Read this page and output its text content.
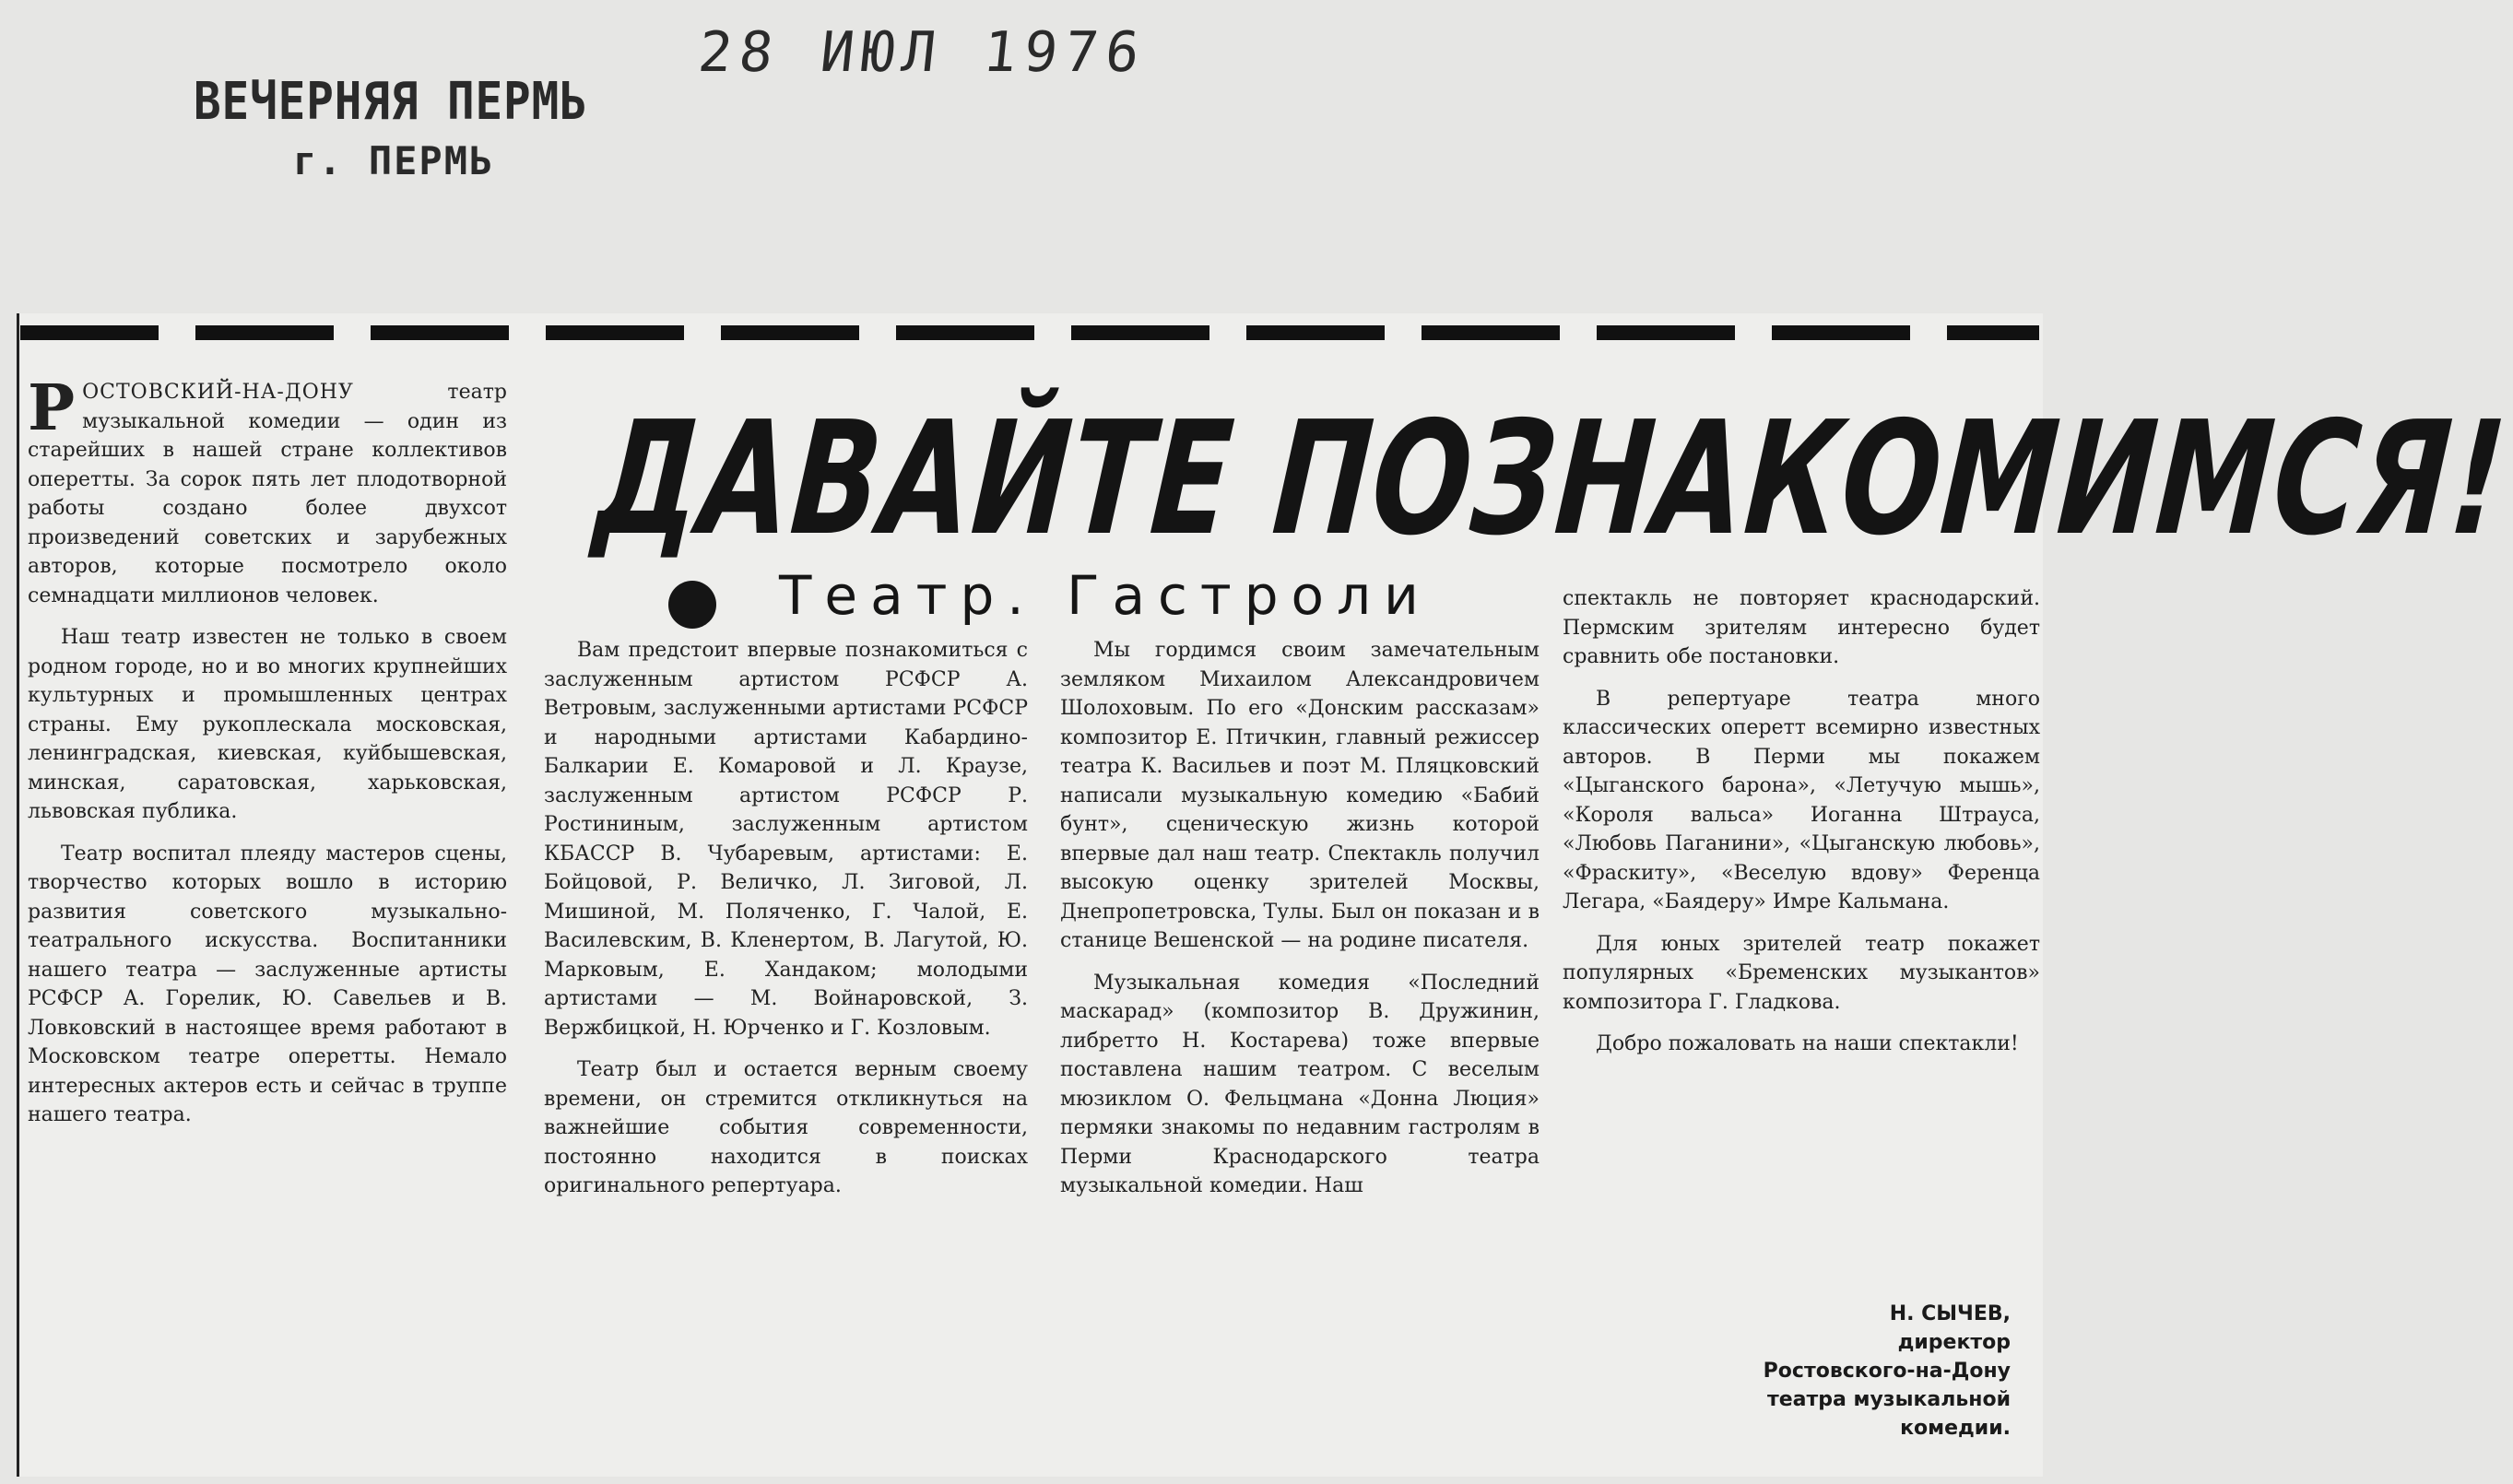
ВЕЧЕРНЯЯ ПЕРМЬ
г. ПЕРМЬ
28 ИЮЛ 1976
ДАВАЙТЕ ПОЗНАКОМИМСЯ!
Театр. Гастроли

РОСТОВСКИЙ-НА-ДОНУ театр музыкальной комедии — один из старейших в нашей стране коллективов оперетты. За сорок пять лет плодотворной работы создано более двухсот произведений советских и зарубежных авторов, которые посмотрело около семнадцати миллионов человек.

Наш театр известен не только в своем родном городе, но и во многих крупнейших культурных и промышленных центрах страны. Ему рукоплескала московская, ленинградская, киевская, куйбышевская, минская, саратовская, харьковская, львовская публика.

Театр воспитал плеяду мастеров сцены, творчество которых вошло в историю развития советского музыкально-театрального искусства. Воспитанники нашего театра — заслуженные артисты РСФСР А. Горелик, Ю. Савельев и В. Ловковский в настоящее время работают в Московском театре оперетты. Немало интересных актеров есть и сейчас в труппе нашего театра.

Вам предстоит впервые познакомиться с заслуженным артистом РСФСР А. Ветровым, заслуженными артистами РСФСР и народными артистами Кабардино-Балкарии Е. Комаровой и Л. Краузе, заслуженным артистом РСФСР Р. Ростининым, заслуженным артистом КБАССР В. Чубаревым, артистами: Е. Бойцовой, Р. Величко, Л. Зиговой, Л. Мишиной, М. Поляченко, Г. Чалой, Е. Василевским, В. Кленертом, В. Лагутой, Ю. Марковым, Е. Хандаком; молодыми артистами — М. Войнаровской, З. Вержбицкой, Н. Юрченко и Г. Козловым.

Театр был и остается верным своему времени, он стремится откликнуться на важнейшие события современности, постоянно находится в поисках оригинального репертуара.

Мы гордимся своим замечательным земляком Михаилом Александровичем Шолоховым. По его «Донским рассказам» композитор Е. Птичкин, главный режиссер театра К. Васильев и поэт М. Пляцковский написали музыкальную комедию «Бабий бунт», сценическую жизнь которой впервые дал наш театр. Спектакль получил высокую оценку зрителей Москвы, Днепропетровска, Тулы. Был он показан и в станице Вешенской — на родине писателя.

Музыкальная комедия «Последний маскарад» (композитор В. Дружинин, либретто Н. Костарева) тоже впервые поставлена нашим театром. С веселым мюзиклом О. Фельцмана «Донна Люция» пермяки знакомы по недавним гастролям в Перми Краснодарского театра музыкальной комедии. Наш

спектакль не повторяет краснодарский. Пермским зрителям интересно будет сравнить обе постановки.

В репертуаре театра много классических оперетт всемирно известных авторов. В Перми мы покажем «Цыганского барона», «Летучую мышь», «Короля вальса» Иоганна Штрауса, «Любовь Паганини», «Цыганскую любовь», «Фраскиту», «Веселую вдову» Ференца Легара, «Баядеру» Имре Кальмана.

Для юных зрителей театр покажет популярных «Бременских музыкантов» композитора Г. Гладкова.

Добро пожаловать на наши спектакли!

Н. СЫЧЕВ,
директор
Ростовского-на-Дону
театра музыкальной
комедии.
